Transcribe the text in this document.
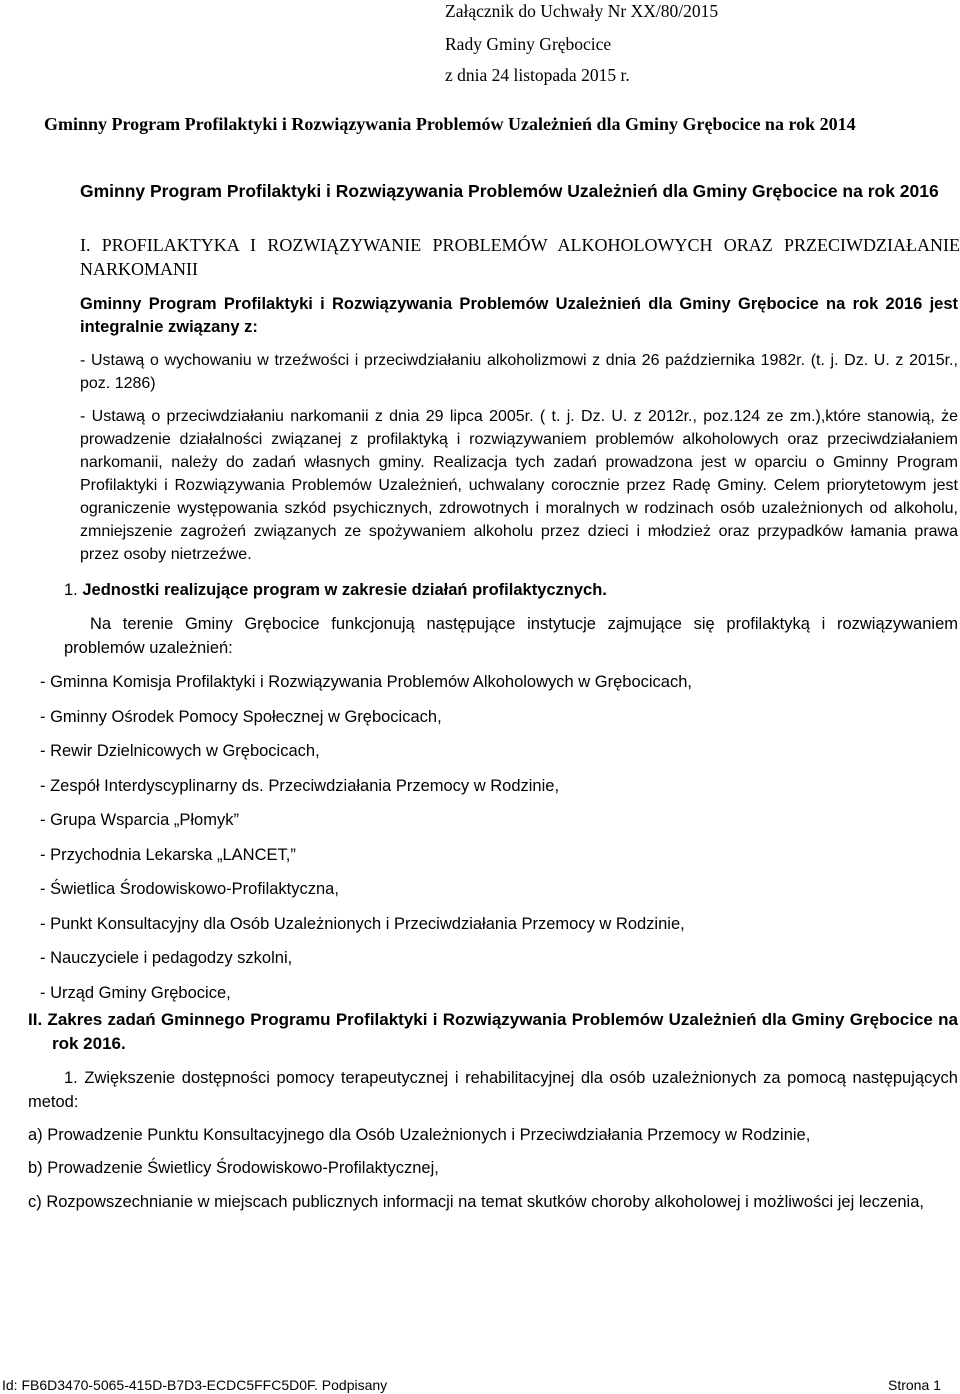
Załącznik do Uchwały Nr XX/80/2015
Rady Gminy Grębocice
z dnia 24 listopada 2015 r.
Gminny Program Profilaktyki i Rozwiązywania Problemów Uzależnień dla Gminy Grębocice na rok 2014
Gminny Program Profilaktyki i Rozwiązywania Problemów Uzależnień dla Gminy Grębocice na rok 2016
I. PROFILAKTYKA I ROZWIĄZYWANIE PROBLEMÓW ALKOHOLOWYCH ORAZ PRZECIWDZIAŁANIE NARKOMANII
Gminny Program Profilaktyki i Rozwiązywania Problemów Uzależnień dla Gminy Grębocice na rok 2016 jest integralnie związany z:
- Ustawą o wychowaniu w trzeźwości i przeciwdziałaniu alkoholizmowi z dnia 26 października 1982r. (t. j. Dz. U. z 2015r., poz. 1286)
- Ustawą o przeciwdziałaniu narkomanii z dnia 29 lipca 2005r. ( t. j. Dz. U. z 2012r., poz.124 ze zm.),które stanowią, że prowadzenie działalności związanej z profilaktyką i rozwiązywaniem problemów alkoholowych oraz przeciwdziałaniem narkomanii, należy do zadań własnych gminy. Realizacja tych zadań prowadzona jest w oparciu o Gminny Program Profilaktyki i Rozwiązywania Problemów Uzależnień, uchwalany corocznie przez Radę Gminy. Celem priorytetowym jest ograniczenie występowania szkód psychicznych, zdrowotnych i moralnych w rodzinach osób uzależnionych od alkoholu, zmniejszenie zagrożeń związanych ze spożywaniem alkoholu przez dzieci i młodzież oraz przypadków łamania prawa przez osoby nietrzeźwe.
1. Jednostki realizujące program w zakresie działań profilaktycznych.
Na terenie Gminy Grębocice funkcjonują następujące instytucje zajmujące się profilaktyką i rozwiązywaniem problemów uzależnień:
- Gminna Komisja Profilaktyki i Rozwiązywania Problemów Alkoholowych w Grębocicach,
- Gminny Ośrodek Pomocy Społecznej w Grębocicach,
- Rewir Dzielnicowych w Grębocicach,
- Zespół Interdyscyplinarny ds. Przeciwdziałania Przemocy w Rodzinie,
- Grupa Wsparcia „Płomyk”
- Przychodnia Lekarska „LANCET,”
- Świetlica Środowiskowo-Profilaktyczna,
- Punkt Konsultacyjny dla Osób Uzależnionych i Przeciwdziałania Przemocy w Rodzinie,
- Nauczyciele i pedagodzy szkolni,
- Urząd Gminy Grębocice,
II. Zakres zadań Gminnego Programu Profilaktyki i Rozwiązywania Problemów Uzależnień dla Gminy Grębocice na rok 2016.
1. Zwiększenie dostępności pomocy terapeutycznej i rehabilitacyjnej dla osób uzależnionych za pomocą następujących metod:
a) Prowadzenie Punktu Konsultacyjnego dla Osób Uzależnionych i Przeciwdziałania Przemocy w Rodzinie,
b) Prowadzenie Świetlicy Środowiskowo-Profilaktycznej,
c) Rozpowszechnianie w miejscach publicznych informacji na temat skutków choroby alkoholowej i możliwości jej leczenia,
Id: FB6D3470-5065-415D-B7D3-ECDC5FFC5D0F. Podpisany	Strona 1
